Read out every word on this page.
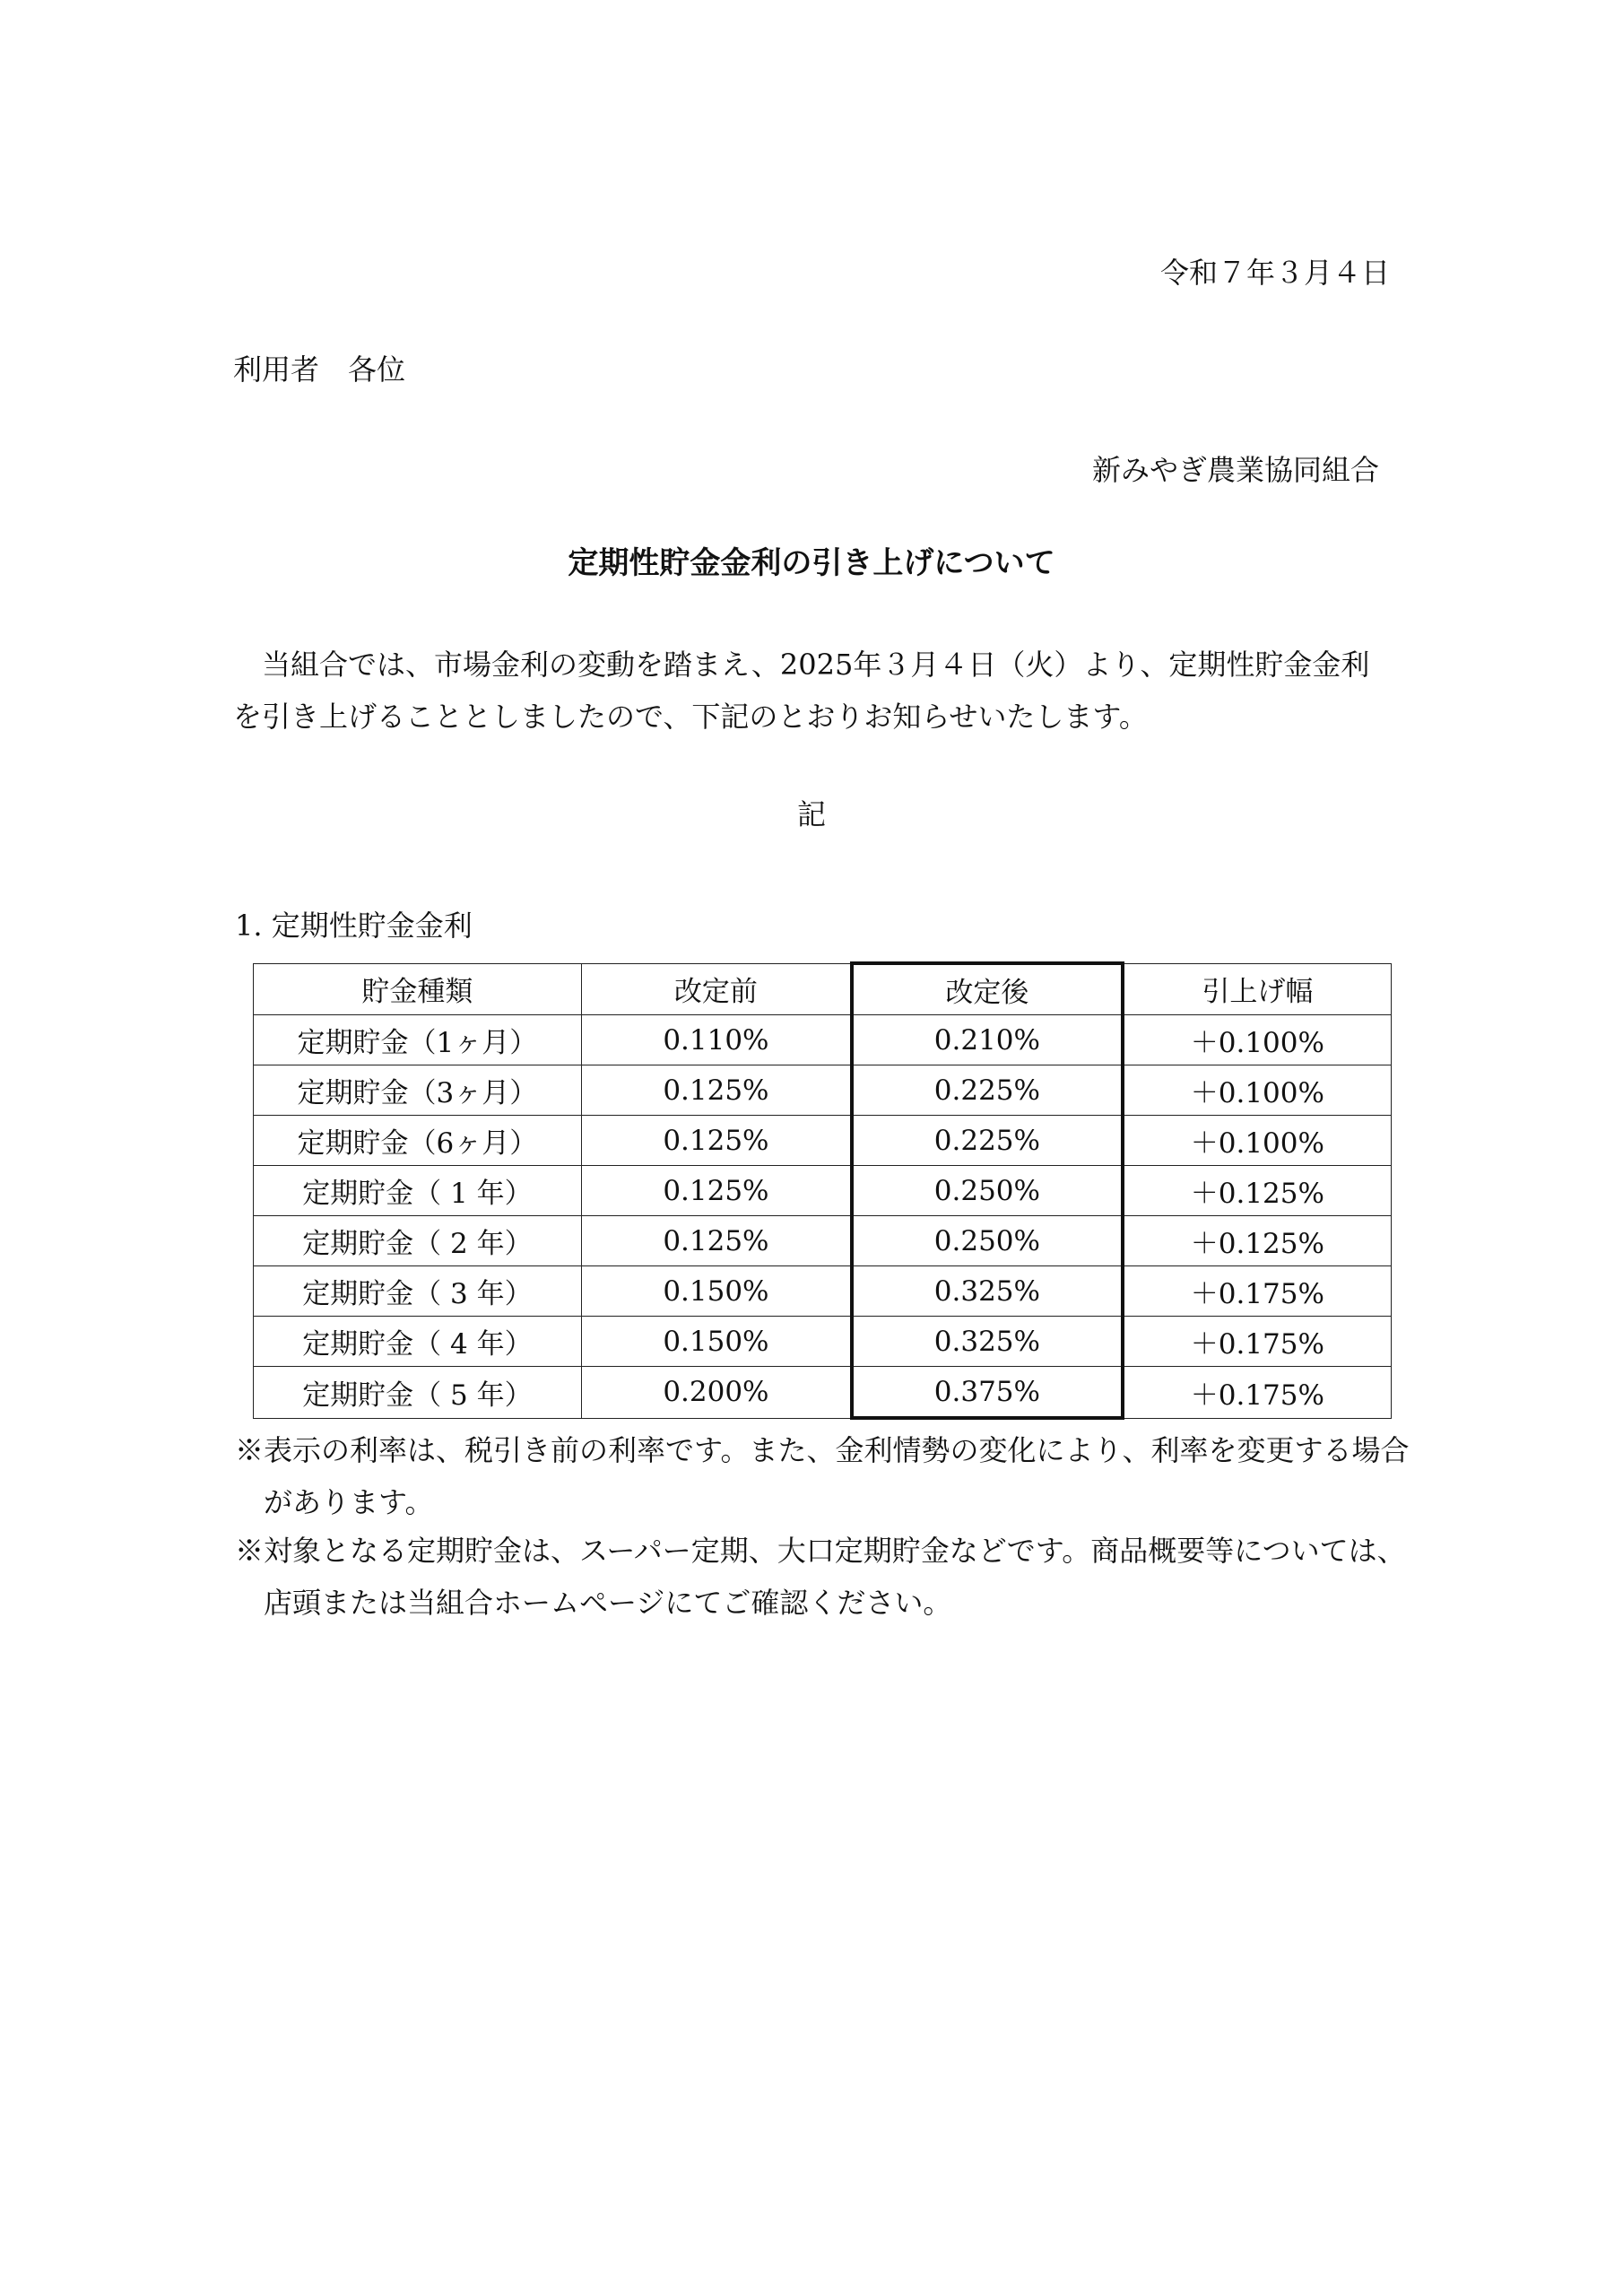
令和７年３月４日
利用者　各位
新みやぎ農業協同組合
定期性貯金金利の引き上げについて
当組合では、市場金利の変動を踏まえ、2025年３月４日（火）より、定期性貯金金利を引き上げることとしましたので、下記のとおりお知らせいたします。
記
1. 定期性貯金金利
貯金種類	改定前	改定後	引上げ幅
定期貯金（1ヶ月）	0.110%	0.210%	＋0.100%
定期貯金（3ヶ月）	0.125%	0.225%	＋0.100%
定期貯金（6ヶ月）	0.125%	0.225%	＋0.100%
定期貯金（ 1 年）	0.125%	0.250%	＋0.125%
定期貯金（ 2 年）	0.125%	0.250%	＋0.125%
定期貯金（ 3 年）	0.150%	0.325%	＋0.175%
定期貯金（ 4 年）	0.150%	0.325%	＋0.175%
定期貯金（ 5 年）	0.200%	0.375%	＋0.175%
※表示の利率は、税引き前の利率です。また、金利情勢の変化により、利率を変更する場合があります。
※対象となる定期貯金は、スーパー定期、大口定期貯金などです。商品概要等については、店頭または当組合ホームページにてご確認ください。
